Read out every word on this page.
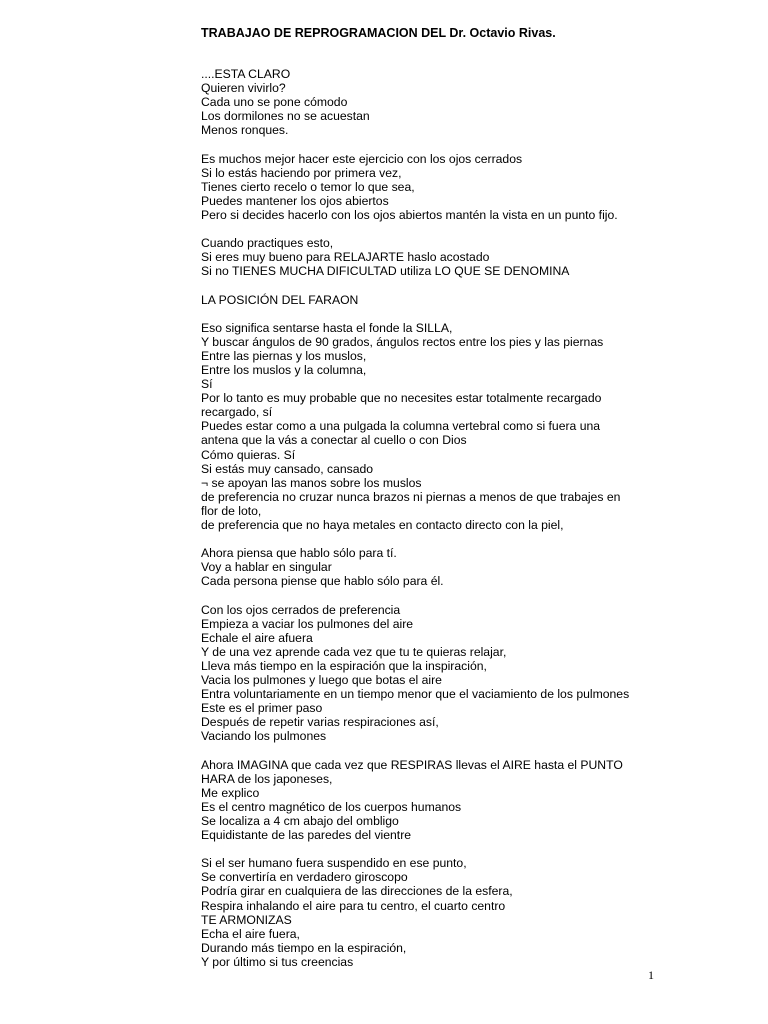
TRABAJAO DE REPROGRAMACION DEL Dr. Octavio Rivas.
....ESTA CLARO
Quieren vivirlo?
Cada uno se pone cómodo
Los dormilones no se acuestan
Menos ronques.
Es muchos mejor hacer este ejercicio con los ojos cerrados
Si lo estás haciendo por primera vez,
Tienes cierto recelo o temor lo que sea,
Puedes mantener los ojos abiertos
Pero si decides hacerlo con los ojos abiertos mantén la vista en un punto fijo.
Cuando practiques esto,
Si eres muy bueno para RELAJARTE haslo acostado
Si no TIENES MUCHA DIFICULTAD utiliza LO QUE SE DENOMINA
LA POSICIÓN DEL FARAON
Eso significa sentarse hasta el fonde la SILLA,
Y buscar ángulos de 90 grados, ángulos rectos entre los pies y las piernas
Entre las piernas y los muslos,
Entre los muslos y la columna,
Sí
Por lo tanto es muy probable que no necesites estar totalmente recargado
recargado, sí
Puedes estar como a una pulgada la columna vertebral como si fuera una
antena que la vás a conectar al cuello o con Dios
Cómo quieras. Sí
Si estás muy cansado, cansado
¬ se apoyan las manos sobre los muslos
de preferencia no cruzar nunca brazos ni piernas a menos de que trabajes en
flor de loto,
de preferencia que no haya metales en contacto directo con la piel,
Ahora piensa que hablo sólo para tí.
Voy a hablar en singular
Cada persona piense que hablo sólo para él.
Con los ojos cerrados de preferencia
Empieza a vaciar los pulmones del aire
Echale el aire afuera
Y de una vez aprende cada vez que tu te quieras relajar,
Lleva más tiempo en la espiración que la inspiración,
Vacia los pulmones y luego que botas el aire
Entra voluntariamente en un tiempo menor que el vaciamiento de los pulmones
Este es el primer paso
Después de repetir varias respiraciones así,
Vaciando los pulmones
Ahora IMAGINA que cada vez que RESPIRAS llevas el AIRE hasta el PUNTO
HARA de los japoneses,
Me explico
Es el centro magnético de los cuerpos humanos
Se localiza a 4 cm abajo del ombligo
Equidistante de las paredes del vientre
Si el ser humano fuera suspendido en ese punto,
Se convertiría en verdadero giroscopo
Podría girar en cualquiera de las direcciones de la esfera,
Respira inhalando el aire para tu centro, el cuarto centro
TE ARMONIZAS
Echa el aire fuera,
Durando más tiempo en la espiración,
Y por último si tus creencias
1
